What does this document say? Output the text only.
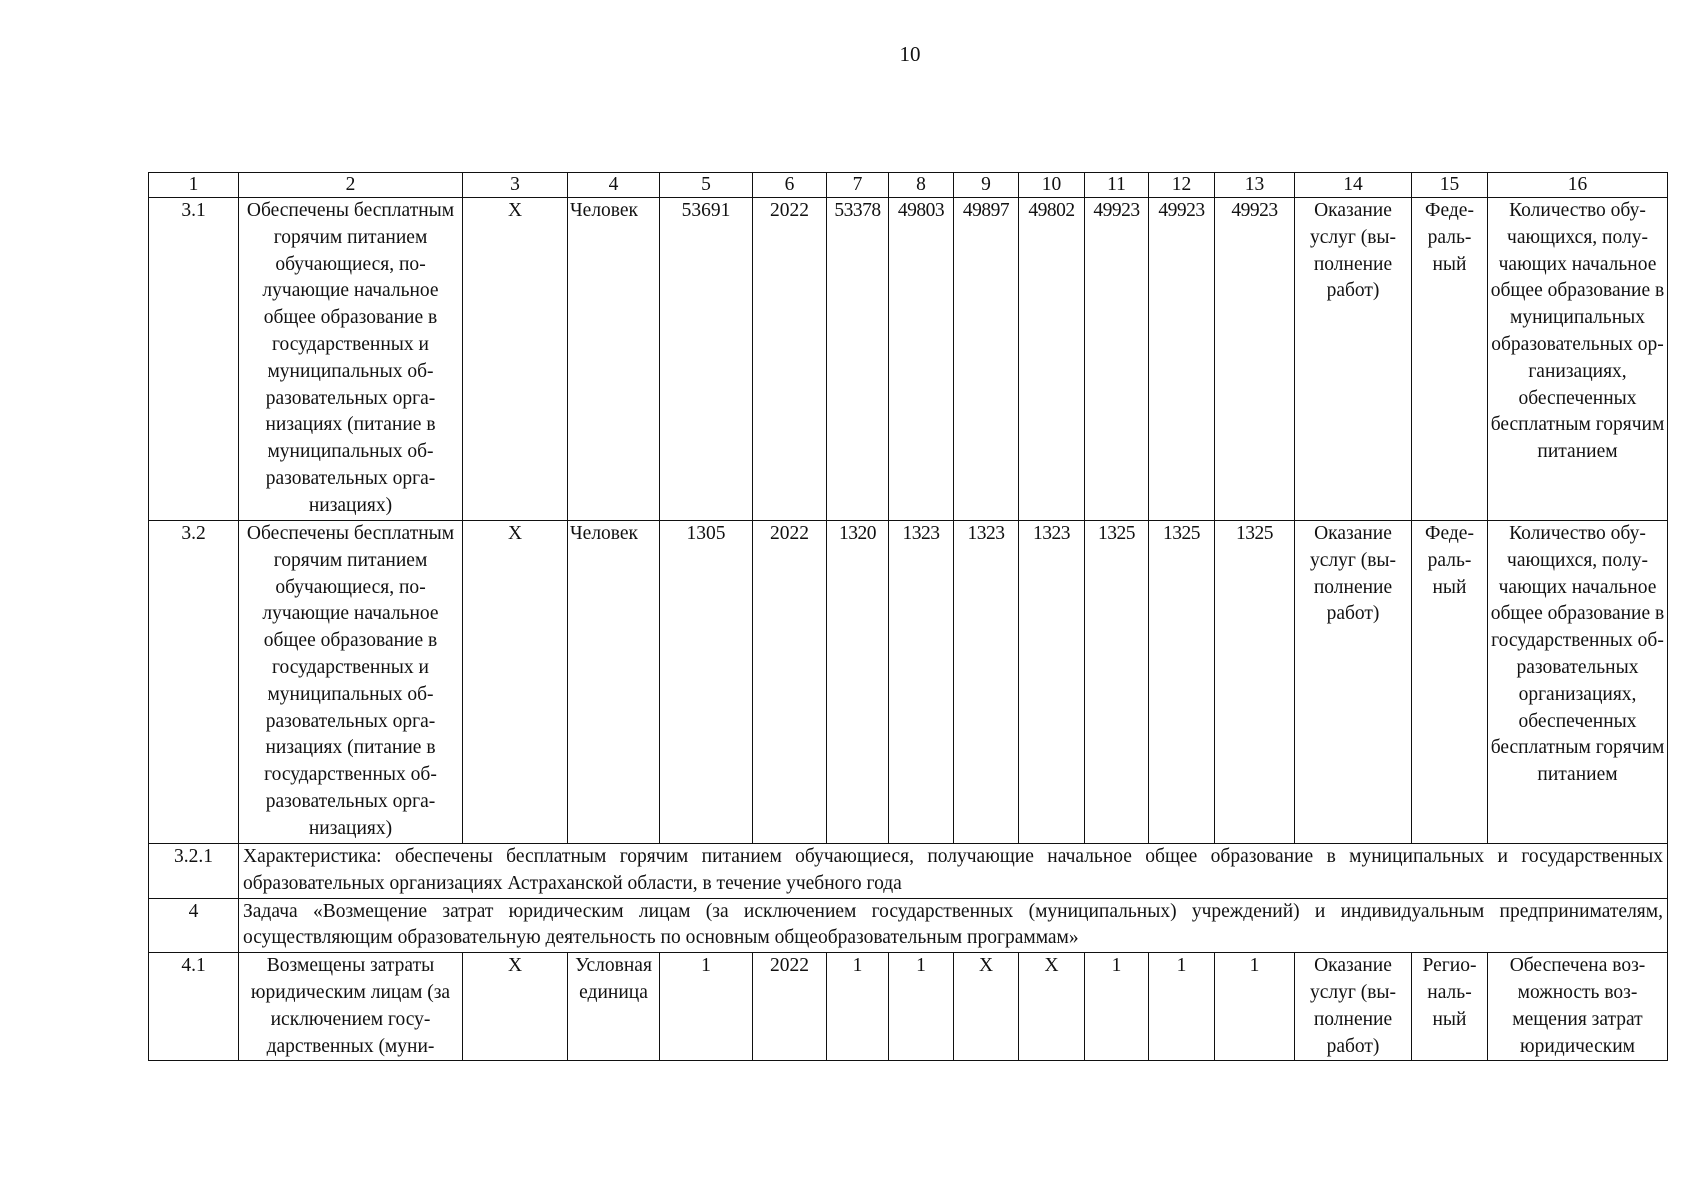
10
1	2	3	4	5	6	7	8	9	10	11	12	13	14	15	16
3.1	Обеспечены бесплатным горячим питанием обучающиеся, получающие начальное общее образование в государственных и муниципальных образовательных организациях (питание в муниципальных образовательных организациях)	X	Человек	53691	2022	53378	49803	49897	49802	49923	49923	49923	Оказание услуг (выполнение работ)	Федеральный	Количество обучающихся, получающих начальное общее образование в муниципальных образовательных организациях, обеспеченных бесплатным горячим питанием
3.2	Обеспечены бесплатным горячим питанием обучающиеся, получающие начальное общее образование в государственных и муниципальных образовательных организациях (питание в государственных образовательных организациях)	X	Человек	1305	2022	1320	1323	1323	1323	1325	1325	1325	Оказание услуг (выполнение работ)	Федеральный	Количество обучающихся, получающих начальное общее образование в государственных образовательных организациях, обеспеченных бесплатным горячим питанием
3.2.1	Характеристика: обеспечены бесплатным горячим питанием обучающиеся, получающие начальное общее образование в муниципальных и государственных образовательных организациях Астраханской области, в течение учебного года														
4	Задача «Возмещение затрат юридическим лицам (за исключением государственных (муниципальных) учреждений) и индивидуальным предпринимателям, осуществляющим образовательную деятельность по основным общеобразовательным программам»														
4.1	Возмещены затраты юридическим лицам (за исключением государственных (муни-	X	Условная единица	1	2022	1	1	X	X	1	1	1	Оказание услуг (выполнение работ)	Региональный	Обеспечена возможность возмещения затрат юридическим
